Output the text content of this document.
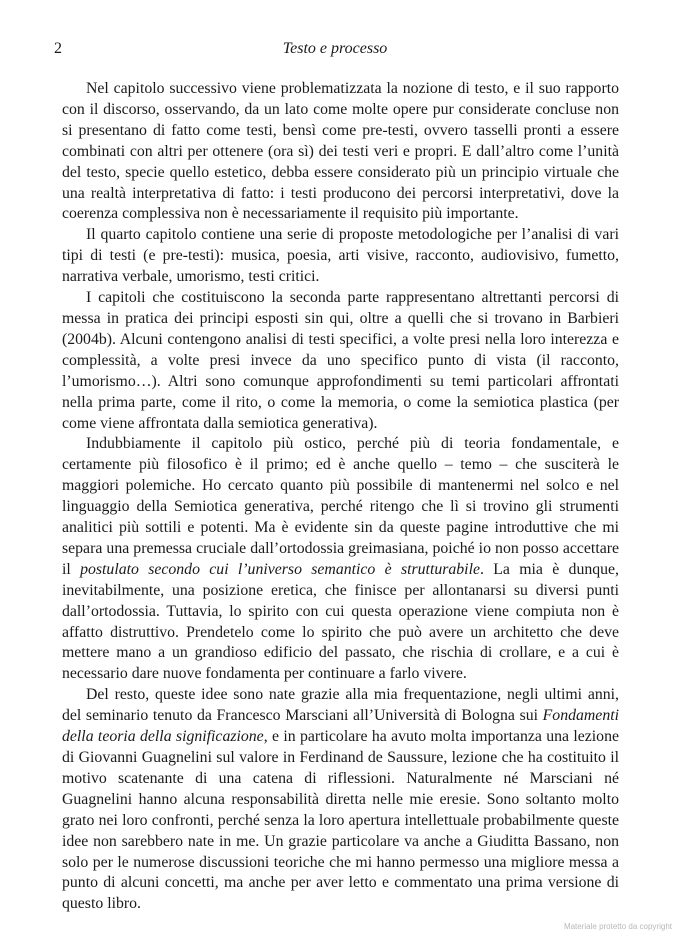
2	Testo e processo

Nel capitolo successivo viene problematizzata la nozione di testo, e il suo rapporto con il discorso, osservando, da un lato come molte opere pur considerate concluse non si presentano di fatto come testi, bensì come pre-testi, ovvero tasselli pronti a essere combinati con altri per ottenere (ora sì) dei testi veri e propri. E dall’altro come l’unità del testo, specie quello estetico, debba essere considerato più un principio virtuale che una realtà interpretativa di fatto: i testi producono dei percorsi interpretativi, dove la coerenza complessiva non è necessariamente il requisito più importante.

Il quarto capitolo contiene una serie di proposte metodologiche per l’analisi di vari tipi di testi (e pre-testi): musica, poesia, arti visive, racconto, audiovisivo, fumetto, narrativa verbale, umorismo, testi critici.

I capitoli che costituiscono la seconda parte rappresentano altrettanti percorsi di messa in pratica dei principi esposti sin qui, oltre a quelli che si trovano in Barbieri (2004b). Alcuni contengono analisi di testi specifici, a volte presi nella loro interezza e complessità, a volte presi invece da uno specifico punto di vista (il racconto, l’umorismo…). Altri sono comunque approfondimenti su temi particolari affrontati nella prima parte, come il rito, o come la memoria, o come la semiotica plastica (per come viene affrontata dalla semiotica generativa).

Indubbiamente il capitolo più ostico, perché più di teoria fondamentale, e certamente più filosofico è il primo; ed è anche quello – temo – che susciterà le maggiori polemiche. Ho cercato quanto più possibile di mantenermi nel solco e nel linguaggio della Semiotica generativa, perché ritengo che lì si trovino gli strumenti analitici più sottili e potenti. Ma è evidente sin da queste pagine introduttive che mi separa una premessa cruciale dall’ortodossia greimasiana, poiché io non posso accettare il postulato secondo cui l’universo semantico è strutturabile. La mia è dunque, inevitabilmente, una posizione eretica, che finisce per allontanarsi su diversi punti dall’ortodossia. Tuttavia, lo spirito con cui questa operazione viene compiuta non è affatto distruttivo. Prendetelo come lo spirito che può avere un architetto che deve mettere mano a un grandioso edificio del passato, che rischia di crollare, e a cui è necessario dare nuove fondamenta per continuare a farlo vivere.

Del resto, queste idee sono nate grazie alla mia frequentazione, negli ultimi anni, del seminario tenuto da Francesco Marsciani all’Università di Bologna sui Fondamenti della teoria della significazione, e in particolare ha avuto molta importanza una lezione di Giovanni Guagnelini sul valore in Ferdinand de Saussure, lezione che ha costituito il motivo scatenante di una catena di riflessioni. Naturalmente né Marsciani né Guagnelini hanno alcuna responsabilità diretta nelle mie eresie. Sono soltanto molto grato nei loro confronti, perché senza la loro apertura intellettuale probabilmente queste idee non sarebbero nate in me. Un grazie particolare va anche a Giuditta Bassano, non solo per le numerose discussioni teoriche che mi hanno permesso una migliore messa a punto di alcuni concetti, ma anche per aver letto e commentato una prima versione di questo libro.

Materiale protetto da copyright
